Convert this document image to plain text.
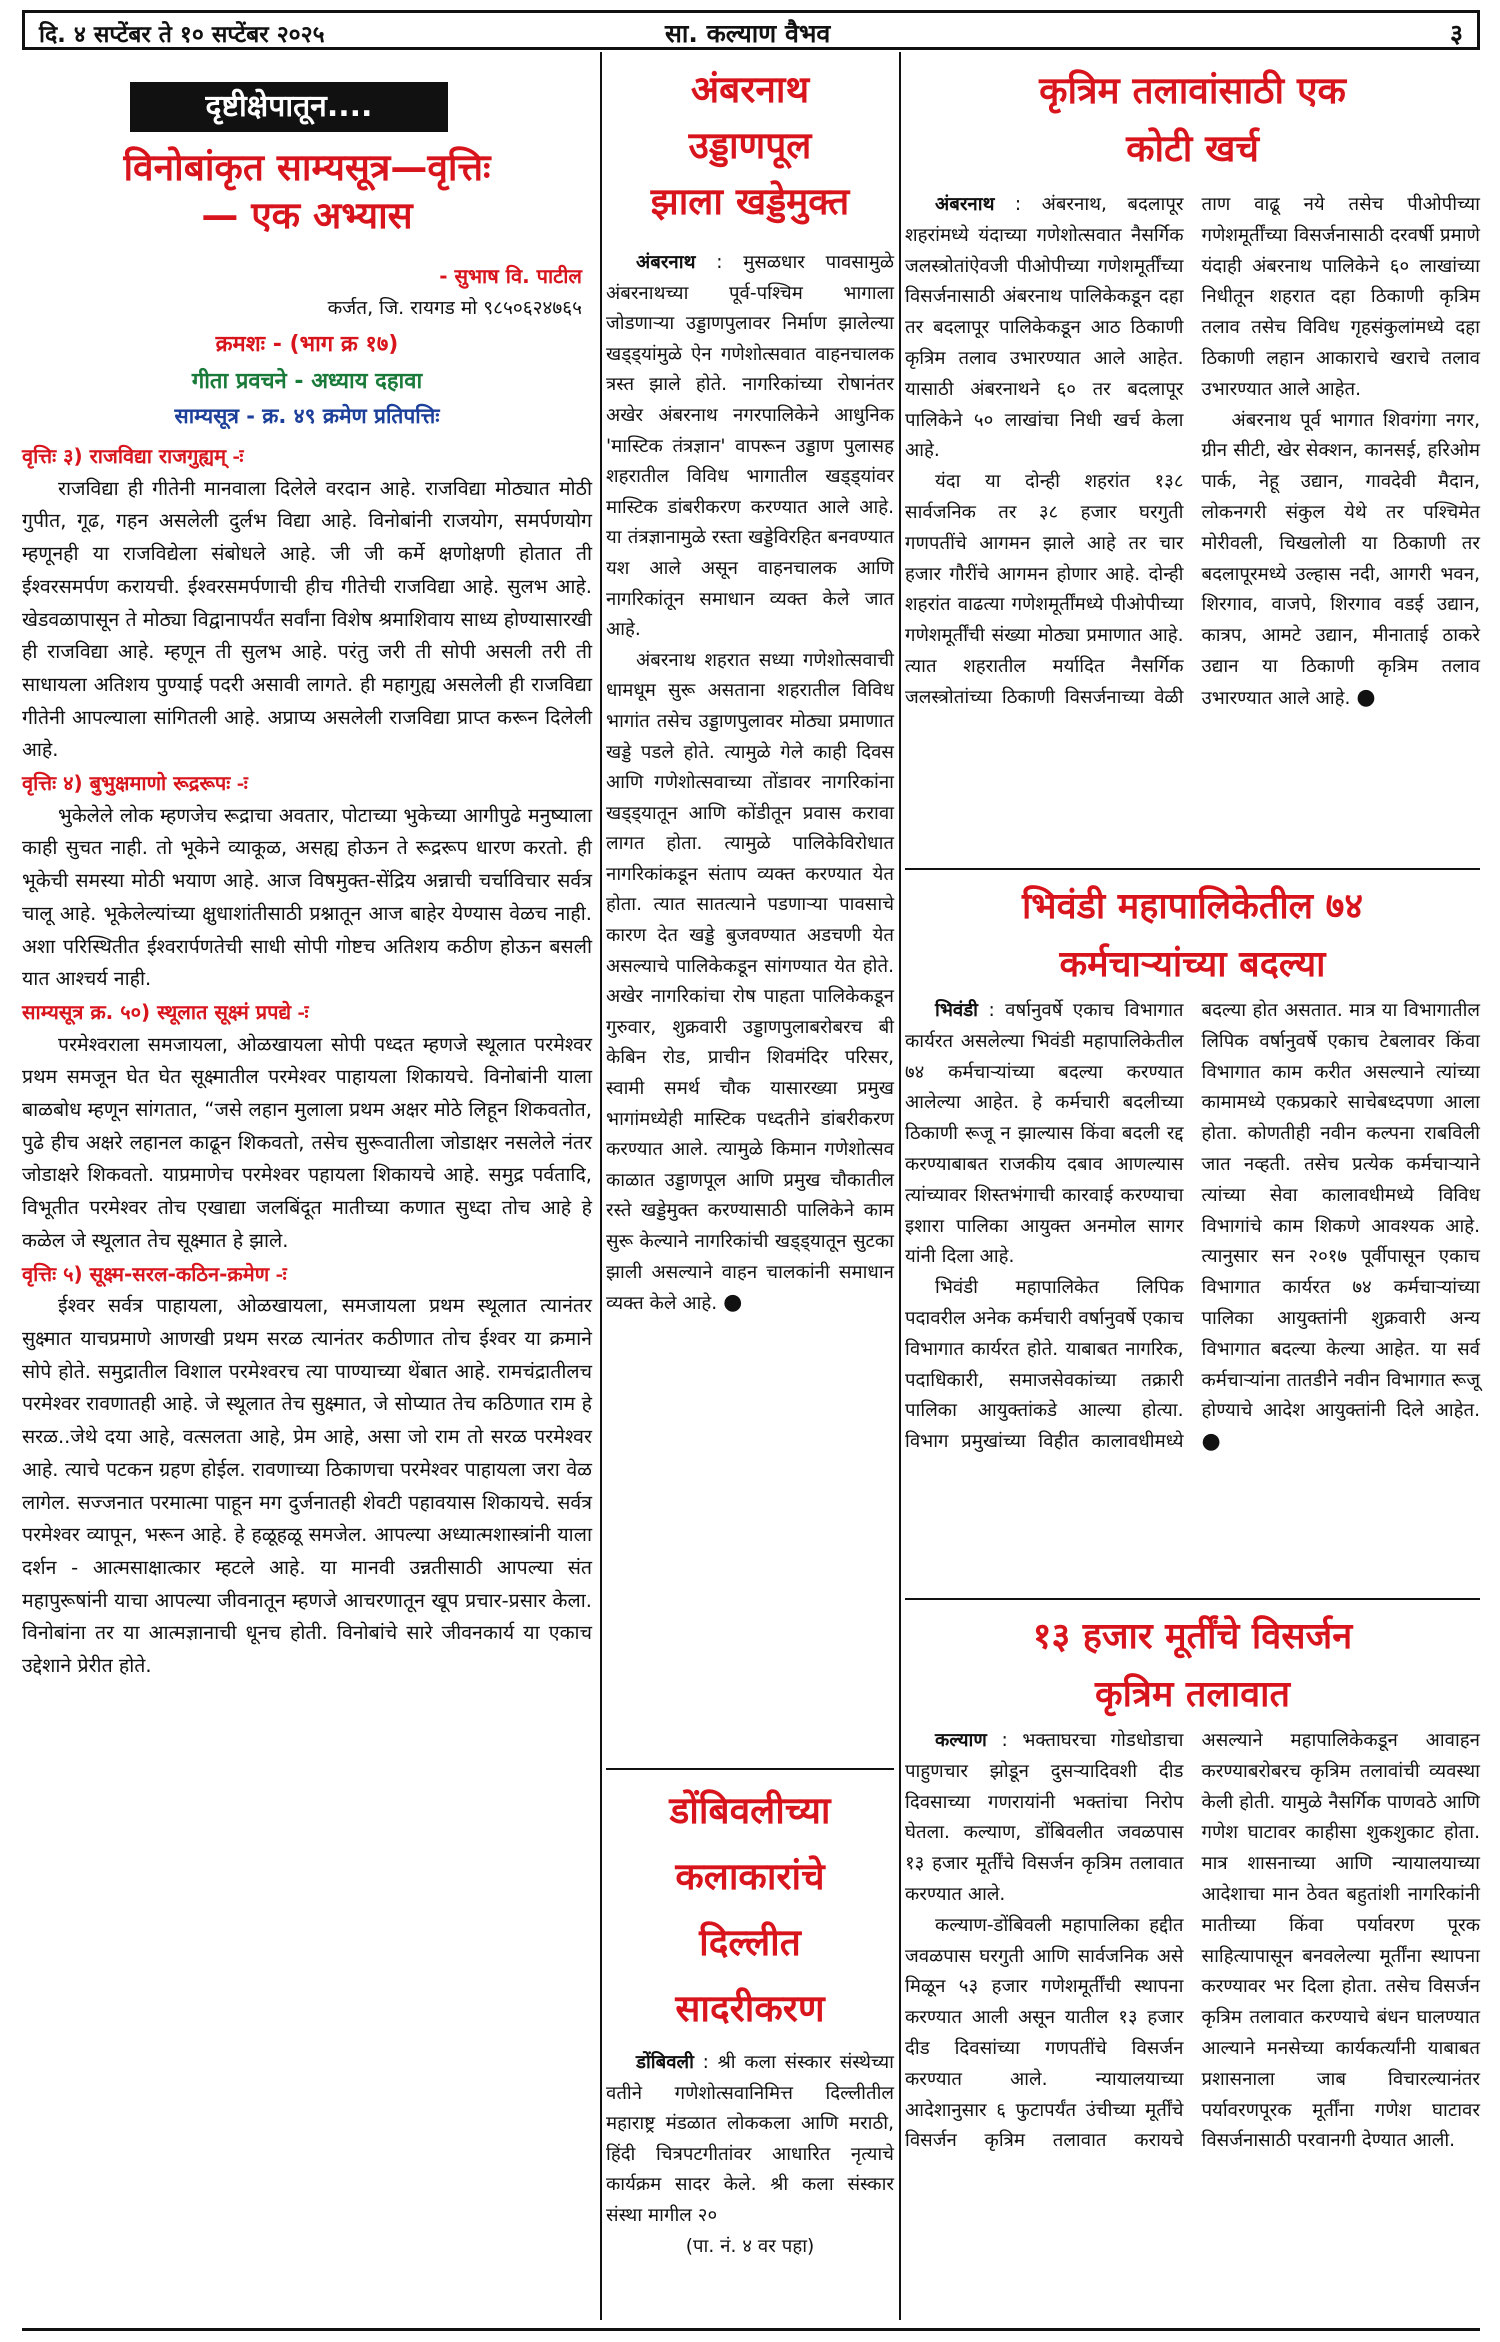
दि. ४ सप्टेंबर ते १० सप्टेंबर २०२५	सा. कल्याण वैभव	३
दृष्टीक्षेपातून....
विनोबांकृत साम्यसूत्र—वृत्तिः
— एक अभ्यास
- सुभाष वि. पाटील
कर्जत, जि. रायगड मो ९८५०६२४७६५
क्रमशः - (भाग क्र १७)
गीता प्रवचने - अध्याय दहावा
साम्यसूत्र - क्र. ४९ क्रमेण प्रतिपत्तिः
वृत्तिः ३) राजविद्या राजगुह्यम् -ः

राजविद्या ही गीतेनी मानवाला दिलेले वरदान आहे. राजविद्या मोठ्यात मोठी गुपीत, गूढ, गहन असलेली दुर्लभ विद्या आहे. विनोबांनी राजयोग, समर्पणयोग म्हणूनही या राजविद्येला संबोधले आहे. जी जी कर्मे क्षणोक्षणी होतात ती ईश्वरसमर्पण करायची. ईश्वरसमर्पणाची हीच गीतेची राजविद्या आहे. सुलभ आहे. खेडवळापासून ते मोठ्या विद्वानापर्यंत सर्वांना विशेष श्रमाशिवाय साध्य होण्यासारखी ही राजविद्या आहे. म्हणून ती सुलभ आहे. परंतु जरी ती सोपी असली तरी ती साधायला अतिशय पुण्याई पदरी असावी लागते. ही महागुह्य असलेली ही राजविद्या गीतेनी आपल्याला सांगितली आहे. अप्राप्य असलेली राजविद्या प्राप्त करून दिलेली आहे.

वृत्तिः ४) बुभुक्षमाणो रूद्ररूपः -ः

भुकेलेले लोक म्हणजेच रूद्राचा अवतार, पोटाच्या भुकेच्या आगीपुढे मनुष्याला काही सुचत नाही. तो भूकेने व्याकूळ, असह्य होऊन ते रूद्ररूप धारण करतो. ही भूकेची समस्या मोठी भयाण आहे. आज विषमुक्त-सेंद्रिय अन्नाची चर्चाविचार सर्वत्र चालू आहे. भूकेलेल्यांच्या क्षुधाशांतीसाठी प्रश्नातून आज बाहेर येण्यास वेळच नाही. अशा परिस्थितीत ईश्वरार्पणतेची साधी सोपी गोष्टच अतिशय कठीण होऊन बसली यात आश्चर्य नाही.

साम्यसूत्र क्र. ५०) स्थूलात सूक्ष्मं प्रपद्ये -ः

परमेश्वराला समजायला, ओळखायला सोपी पध्दत म्हणजे स्थूलात परमेश्वर प्रथम समजून घेत घेत सूक्ष्मातील परमेश्वर पाहायला शिकायचे. विनोबांनी याला बाळबोध म्हणून सांगतात, “जसे लहान मुलाला प्रथम अक्षर मोठे लिहून शिकवतोत, पुढे हीच अक्षरे लहानल काढून शिकवतो, तसेच सुरूवातीला जोडाक्षर नसलेले नंतर जोडाक्षरे शिकवतो. याप्रमाणेच परमेश्वर पहायला शिकायचे आहे. समुद्र पर्वतादि, विभूतीत परमेश्वर तोच एखाद्या जलबिंदूत मातीच्या कणात सुध्दा तोच आहे हे कळेल जे स्थूलात तेच सूक्ष्मात हे झाले.

वृत्तिः ५) सूक्ष्म-सरल-कठिन-क्रमेण -ः

ईश्वर सर्वत्र पाहायला, ओळखायला, समजायला प्रथम स्थूलात त्यानंतर सुक्ष्मात याचप्रमाणे आणखी प्रथम सरळ त्यानंतर कठीणात तोच ईश्वर या क्रमाने सोपे होते. समुद्रातील विशाल परमेश्वरच त्या पाण्याच्या थेंबात आहे. रामचंद्रातीलच परमेश्वर रावणातही आहे. जे स्थूलात तेच सुक्ष्मात, जे सोप्यात तेच कठिणात राम हे सरळ..जेथे दया आहे, वत्सलता आहे, प्रेम आहे, असा जो राम तो सरळ परमेश्वर आहे. त्याचे पटकन ग्रहण होईल. रावणाच्या ठिकाणचा परमेश्वर पाहायला जरा वेळ लागेल. सज्जनात परमात्मा पाहून मग दुर्जनातही शेवटी पहावयास शिकायचे. सर्वत्र परमेश्वर व्यापून, भरून आहे. हे हळूहळू समजेल. आपल्या अध्यात्मशास्त्रांनी याला दर्शन - आत्मसाक्षात्कार म्हटले आहे. या मानवी उन्नतीसाठी आपल्या संत महापुरूषांनी याचा आपल्या जीवनातून म्हणजे आचरणातून खूप प्रचार-प्रसार केला. विनोबांना तर या आत्मज्ञानाची धूनच होती. विनोबांचे सारे जीवनकार्य या एकाच उद्देशाने प्रेरीत होते.

अंबरनाथ
उड्डाणपूल
झाला खड्डेमुक्त

अंबरनाथ : मुसळधार पावसामुळे अंबरनाथच्या पूर्व-पश्चिम भागाला जोडणाऱ्या उड्डाणपुलावर निर्माण झालेल्या खड्ड्यांमुळे ऐन गणेशोत्सवात वाहनचालक त्रस्त झाले होते. नागरिकांच्या रोषानंतर अखेर अंबरनाथ नगरपालिकेने आधुनिक 'मास्टिक तंत्रज्ञान' वापरून उड्डाण पुलासह शहरातील विविध भागातील खड्ड्यांवर मास्टिक डांबरीकरण करण्यात आले आहे. या तंत्रज्ञानामुळे रस्ता खड्डेविरहित बनवण्यात यश आले असून वाहनचालक आणि नागरिकांतून समाधान व्यक्त केले जात आहे.

अंबरनाथ शहरात सध्या गणेशोत्सवाची धामधूम सुरू असताना शहरातील विविध भागांत तसेच उड्डाणपुलावर मोठ्या प्रमाणात खड्डे पडले होते. त्यामुळे गेले काही दिवस आणि गणेशोत्सवाच्या तोंडावर नागरिकांना खड्ड्यातून आणि कोंडीतून प्रवास करावा लागत होता. त्यामुळे पालिकेविरोधात नागरिकांकडून संताप व्यक्त करण्यात येत होता. त्यात सातत्याने पडणाऱ्या पावसाचे कारण देत खड्डे बुजवण्यात अडचणी येत असल्याचे पालिकेकडून सांगण्यात येत होते. अखेर नागरिकांचा रोष पाहता पालिकेकडून गुरुवार, शुक्रवारी उड्डाणपुलाबरोबरच बी केबिन रोड, प्राचीन शिवमंदिर परिसर, स्वामी समर्थ चौक यासारख्या प्रमुख भागांमध्येही मास्टिक पध्दतीने डांबरीकरण करण्यात आले. त्यामुळे किमान गणेशोत्सव काळात उड्डाणपूल आणि प्रमुख चौकातील रस्ते खड्डेमुक्त करण्यासाठी पालिकेने काम सुरू केल्याने नागरिकांची खड्ड्यातून सुटका झाली असल्याने वाहन चालकांनी समाधान व्यक्त केले आहे. ●

डोंबिवलीच्या
कलाकारांचे
दिल्लीत
सादरीकरण

डोंबिवली : श्री कला संस्कार संस्थेच्या वतीने गणेशोत्सवानिमित्त दिल्लीतील महाराष्ट्र मंडळात लोककला आणि मराठी, हिंदी चित्रपटगीतांवर आधारित नृत्याचे कार्यक्रम सादर केले. श्री कला संस्कार संस्था मागील २०

(पा. नं. ४ वर पहा)
कृत्रिम तलावांसाठी एक
कोटी खर्च

अंबरनाथ : अंबरनाथ, बदलापूर शहरांमध्ये यंदाच्या गणेशोत्सवात नैसर्गिक जलस्त्रोतांऐवजी पीओपीच्या गणेशमूर्तींच्या विसर्जनासाठी अंबरनाथ पालिकेकडून दहा तर बदलापूर पालिकेकडून आठ ठिकाणी कृत्रिम तलाव उभारण्यात आले आहेत. यासाठी अंबरनाथने ६० तर बदलापूर पालिकेने ५० लाखांचा निधी खर्च केला आहे.

यंदा या दोन्ही शहरांत १३८ सार्वजनिक तर ३८ हजार घरगुती गणपतींचे आगमन झाले आहे तर चार हजार गौरींचे आगमन होणार आहे. दोन्ही शहरांत वाढत्या गणेशमूर्तींमध्ये पीओपीच्या गणेशमूर्तींची संख्या मोठ्या प्रमाणात आहे. त्यात शहरातील मर्यादित नैसर्गिक जलस्त्रोतांच्या ठिकाणी विसर्जनाच्या वेळी ताण वाढू नये तसेच पीओपीच्या गणेशमूर्तींच्या विसर्जनासाठी दरवर्षी प्रमाणे यंदाही अंबरनाथ पालिकेने ६० लाखांच्या निधीतून शहरात दहा ठिकाणी कृत्रिम तलाव तसेच विविध गृहसंकुलांमध्ये दहा ठिकाणी लहान आकाराचे खराचे तलाव उभारण्यात आले आहेत.

अंबरनाथ पूर्व भागात शिवगंगा नगर, ग्रीन सीटी, खेर सेक्शन, कानसई, हरिओम पार्क, नेहू उद्यान, गावदेवी मैदान, लोकनगरी संकुल येथे तर पश्चिमेत मोरीवली, चिखलोली या ठिकाणी तर बदलापूरमध्ये उल्हास नदी, आगरी भवन, शिरगाव, वाजपे, शिरगाव वडई उद्यान, कात्रप, आमटे उद्यान, मीनाताई ठाकरे उद्यान या ठिकाणी कृत्रिम तलाव उभारण्यात आले आहे. ●

भिवंडी महापालिकेतील ७४
कर्मचाऱ्यांच्या बदल्या

भिवंडी : वर्षानुवर्षे एकाच विभागात कार्यरत असलेल्या भिवंडी महापालिकेतील ७४ कर्मचाऱ्यांच्या बदल्या करण्यात आलेल्या आहेत. हे कर्मचारी बदलीच्या ठिकाणी रूजू न झाल्यास किंवा बदली रद्द करण्याबाबत राजकीय दबाव आणल्यास त्यांच्यावर शिस्तभंगाची कारवाई करण्याचा इशारा पालिका आयुक्त अनमोल सागर यांनी दिला आहे.

भिवंडी महापालिकेत लिपिक पदावरील अनेक कर्मचारी वर्षानुवर्षे एकाच विभागात कार्यरत होते. याबाबत नागरिक, पदाधिकारी, समाजसेवकांच्या तक्रारी पालिका आयुक्तांकडे आल्या होत्या. विभाग प्रमुखांच्या विहीत कालावधीमध्ये बदल्या होत असतात. मात्र या विभागातील लिपिक वर्षानुवर्षे एकाच टेबलावर किंवा विभागात काम करीत असल्याने त्यांच्या कामामध्ये एकप्रकारे साचेबध्दपणा आला होता. कोणतीही नवीन कल्पना राबविली जात नव्हती. तसेच प्रत्येक कर्मचाऱ्याने त्यांच्या सेवा कालावधीमध्ये विविध विभागांचे काम शिकणे आवश्यक आहे. त्यानुसार सन २०१७ पूर्वीपासून एकाच विभागात कार्यरत ७४ कर्मचाऱ्यांच्या पालिका आयुक्तांनी शुक्रवारी अन्य विभागात बदल्या केल्या आहेत. या सर्व कर्मचाऱ्यांना तातडीने नवीन विभागात रूजू होण्याचे आदेश आयुक्तांनी दिले आहेत. ●

१३ हजार मूर्तींचे विसर्जन
कृत्रिम तलावात

कल्याण : भक्ताघरचा गोडधोडाचा पाहुणचार झोडून दुसऱ्यादिवशी दीड दिवसाच्या गणरायांनी भक्तांचा निरोप घेतला. कल्याण, डोंबिवलीत जवळपास १३ हजार मूर्तींचे विसर्जन कृत्रिम तलावात करण्यात आले.

कल्याण-डोंबिवली महापालिका हद्दीत जवळपास घरगुती आणि सार्वजनिक असे मिळून ५३ हजार गणेशमूर्तींची स्थापना करण्यात आली असून यातील १३ हजार दीड दिवसांच्या गणपतींचे विसर्जन करण्यात आले. न्यायालयाच्या आदेशानुसार ६ फुटापर्यंत उंचीच्या मूर्तींचे विसर्जन कृत्रिम तलावात करायचे असल्याने महापालिकेकडून आवाहन करण्याबरोबरच कृत्रिम तलावांची व्यवस्था केली होती. यामुळे नैसर्गिक पाणवठे आणि गणेश घाटावर काहीसा शुकशुकाट होता. मात्र शासनाच्या आणि न्यायालयाच्या आदेशाचा मान ठेवत बहुतांशी नागरिकांनी मातीच्या किंवा पर्यावरण पूरक साहित्यापासून बनवलेल्या मूर्तींना स्थापना करण्यावर भर दिला होता. तसेच विसर्जन कृत्रिम तलावात करण्याचे बंधन घालण्यात आल्याने मनसेच्या कार्यकर्त्यांनी याबाबत प्रशासनाला जाब विचारल्यानंतर पर्यावरणपूरक मूर्तींना गणेश घाटावर विसर्जनासाठी परवानगी देण्यात आली.
